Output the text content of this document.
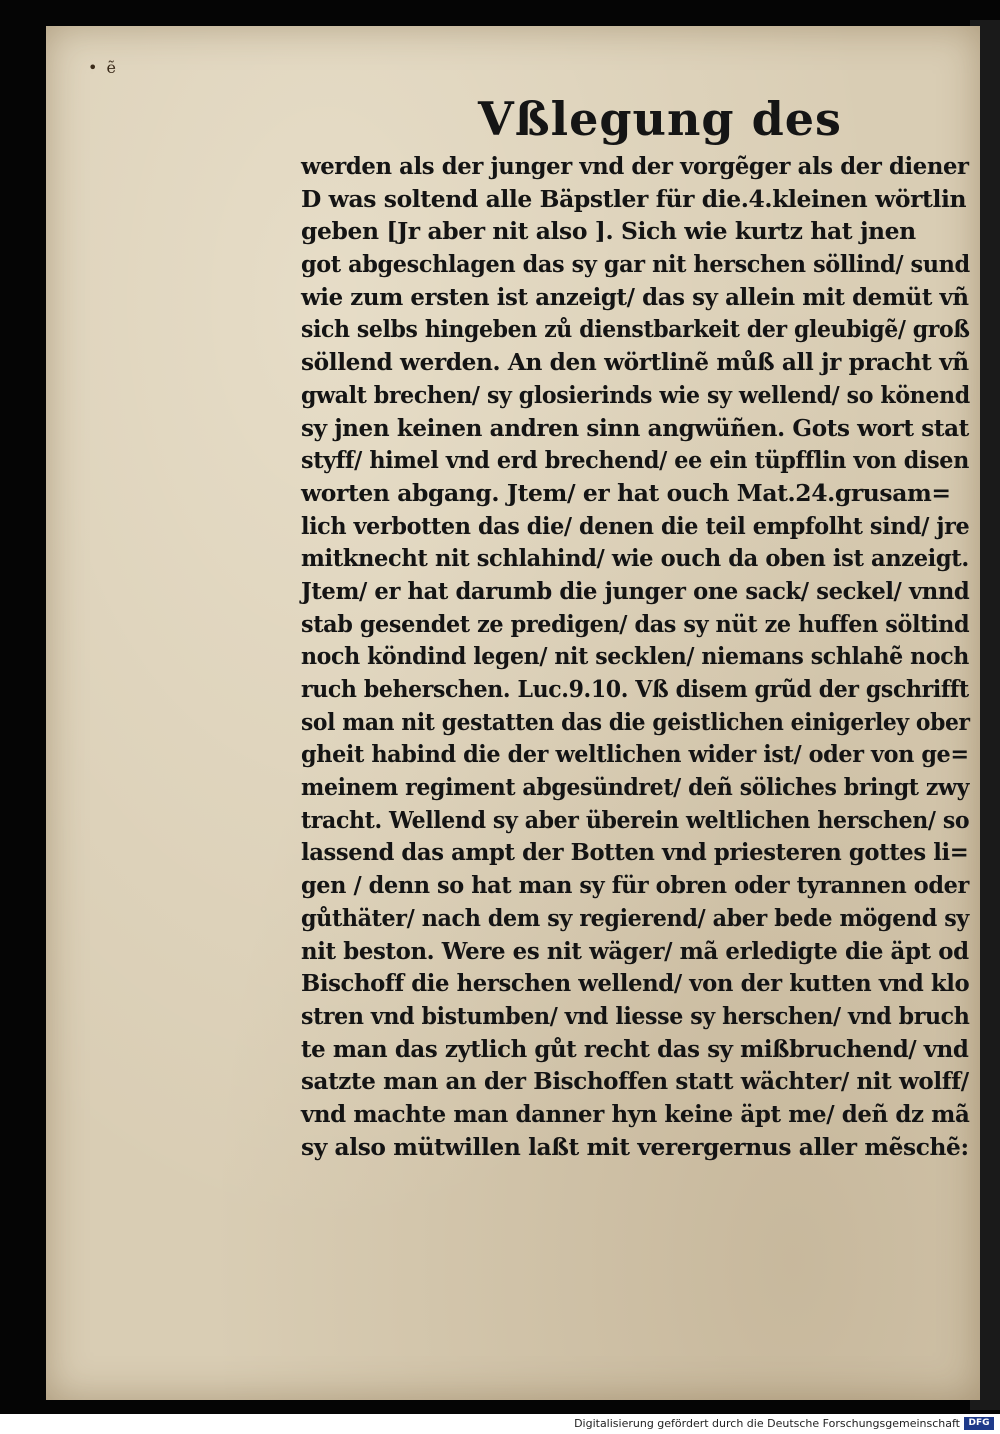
• ẽ
Vßlegung des
werden als der junger vnd der vorgẽger als der diener
D was soltend alle Bäpstler für die.4.kleinen wörtlin
geben [Jr aber nit also ]. Sich wie kurtz hat jnen
got abgeschlagen das sy gar nit herschen söllind/ sund
wie zum ersten ist anzeigt/ das sy allein mit demüt vñ
sich selbs hingeben zů dienstbarkeit der gleubigẽ/ groß
söllend werden. An den wörtlinẽ můß all jr pracht vñ
gwalt brechen/ sy glosierinds wie sy wellend/ so könend
sy jnen keinen andren sinn angwüñen. Gots wort stat
styff/ himel vnd erd brechend/ ee ein tüpfflin von disen
worten abgang. Jtem/ er hat ouch Mat.24.grusam=
lich verbotten das die/ denen die teil empfolht sind/ jre
mitknecht nit schlahind/ wie ouch da oben ist anzeigt.
Jtem/ er hat darumb die junger one sack/ seckel/ vnnd
stab gesendet ze predigen/ das sy nüt ze huffen söltind
noch köndind legen/ nit secklen/ niemans schlahẽ noch
ruch beherschen. Luc.9.10. Vß disem grũd der gschrifft
sol man nit gestatten das die geistlichen einigerley ober
gheit habind die der weltlichen wider ist/ oder von ge=
meinem regiment abgesündret/ deñ söliches bringt zwy
tracht. Wellend sy aber überein weltlichen herschen/ so
lassend das ampt der Botten vnd priesteren gottes li=
gen / denn so hat man sy für obren oder tyrannen oder
gůthäter/ nach dem sy regierend/ aber bede mögend sy
nit beston. Were es nit wäger/ mã erledigte die äpt od
Bischoff die herschen wellend/ von der kutten vnd klo
stren vnd bistumben/ vnd liesse sy herschen/ vnd bruch
te man das zytlich gůt recht das sy mißbruchend/ vnd
satzte man an der Bischoffen statt wächter/ nit wolff/
vnd machte man danner hyn keine äpt me/ deñ dz mã
sy also mütwillen laßt mit verergernus aller mẽschẽ:
Digitalisierung gefördert durch die Deutsche Forschungsgemeinschaft DFG
